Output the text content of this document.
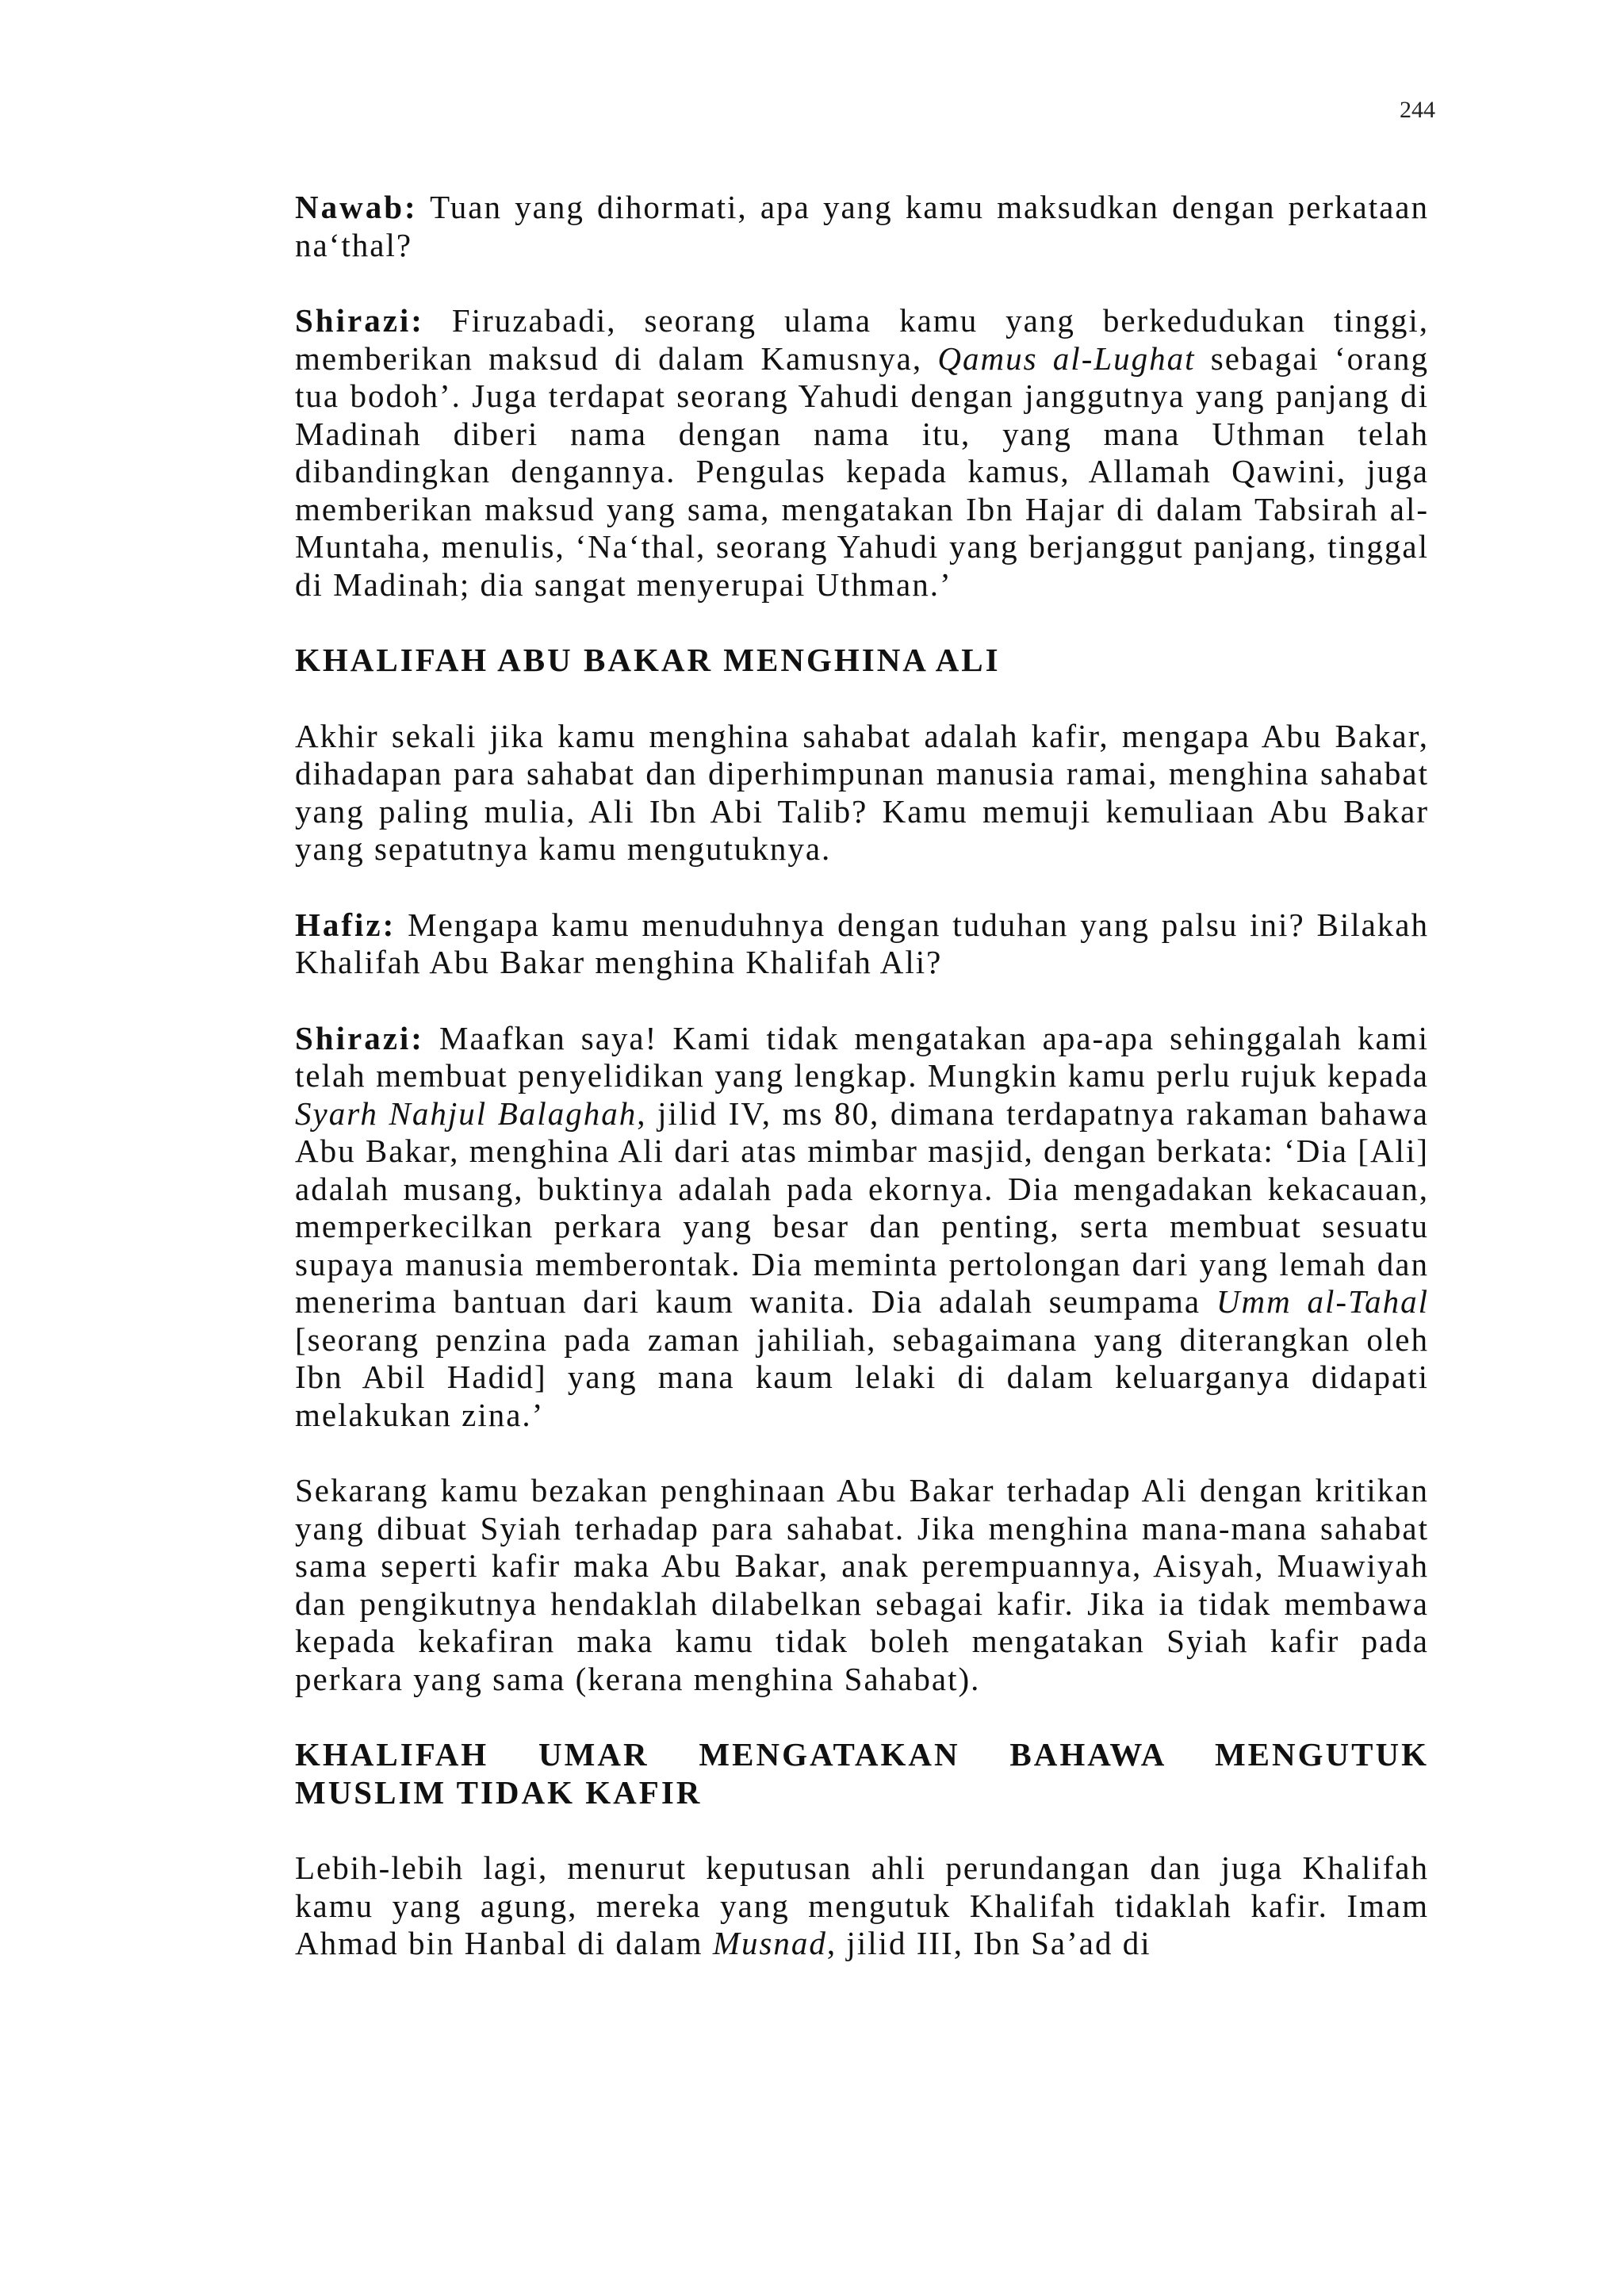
244

Nawab: Tuan yang dihormati, apa yang kamu maksudkan dengan perkataan na‘thal?

Shirazi: Firuzabadi, seorang ulama kamu yang berkedudukan tinggi, memberikan maksud di dalam Kamusnya, Qamus al-Lughat sebagai ‘orang tua bodoh’. Juga terdapat seorang Yahudi dengan janggutnya yang panjang di Madinah diberi nama dengan nama itu, yang mana Uthman telah dibandingkan dengannya. Pengulas kepada kamus, Allamah Qawini, juga memberikan maksud yang sama, mengatakan Ibn Hajar di dalam Tabsirah al-Muntaha, menulis, ‘Na‘thal, seorang Yahudi yang berjanggut panjang, tinggal di Madinah; dia sangat menyerupai Uthman.’

KHALIFAH ABU BAKAR MENGHINA ALI

Akhir sekali jika kamu menghina sahabat adalah kafir, mengapa Abu Bakar, dihadapan para sahabat dan diperhimpunan manusia ramai, menghina sahabat yang paling mulia, Ali Ibn Abi Talib? Kamu memuji kemuliaan Abu Bakar yang sepatutnya kamu mengutuknya.

Hafiz: Mengapa kamu menuduhnya dengan tuduhan yang palsu ini? Bilakah Khalifah Abu Bakar menghina Khalifah Ali?

Shirazi: Maafkan saya! Kami tidak mengatakan apa-apa sehinggalah kami telah membuat penyelidikan yang lengkap. Mungkin kamu perlu rujuk kepada Syarh Nahjul Balaghah, jilid IV, ms 80, dimana terdapatnya rakaman bahawa Abu Bakar, menghina Ali dari atas mimbar masjid, dengan berkata: ‘Dia [Ali] adalah musang, buktinya adalah pada ekornya. Dia mengadakan kekacauan, memperkecilkan perkara yang besar dan penting, serta membuat sesuatu supaya manusia memberontak. Dia meminta pertolongan dari yang lemah dan menerima bantuan dari kaum wanita. Dia adalah seumpama Umm al-Tahal [seorang penzina pada zaman jahiliah, sebagaimana yang diterangkan oleh Ibn Abil Hadid] yang mana kaum lelaki di dalam keluarganya didapati melakukan zina.’

Sekarang kamu bezakan penghinaan Abu Bakar terhadap Ali dengan kritikan yang dibuat Syiah terhadap para sahabat. Jika menghina mana-mana sahabat sama seperti kafir maka Abu Bakar, anak perempuannya, Aisyah, Muawiyah dan pengikutnya hendaklah dilabelkan sebagai kafir. Jika ia tidak membawa kepada kekafiran maka kamu tidak boleh mengatakan Syiah kafir pada perkara yang sama (kerana menghina Sahabat).

KHALIFAH UMAR MENGATAKAN BAHAWA MENGUTUK MUSLIM TIDAK KAFIR

Lebih-lebih lagi, menurut keputusan ahli perundangan dan juga Khalifah kamu yang agung, mereka yang mengutuk Khalifah tidaklah kafir. Imam Ahmad bin Hanbal di dalam Musnad, jilid III, Ibn Sa’ad di
